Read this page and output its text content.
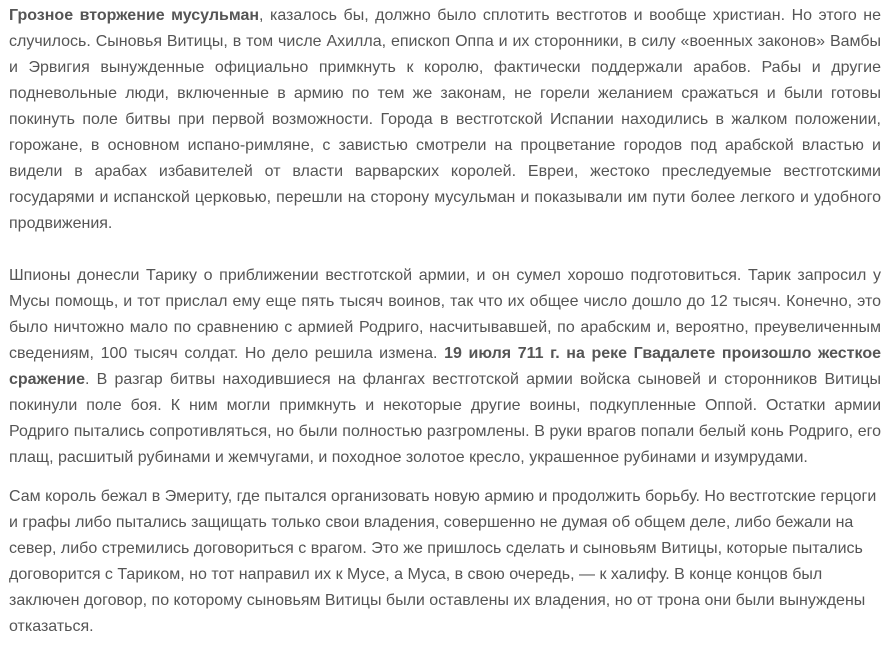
Грозное вторжение мусульман, казалось бы, должно было сплотить вестготов и вообще христиан. Но этого не случилось. Сыновья Витицы, в том числе Ахилла, епископ Оппа и их сторонники, в силу «военных законов» Вамбы и Эрвигия вынужденные официально примкнуть к королю, фактически поддержали арабов. Рабы и другие подневольные люди, включенные в армию по тем же законам, не горели желанием сражаться и были готовы покинуть поле битвы при первой возможности. Города в вестготской Испании находились в жалком положении, горожане, в основном испано-римляне, с завистью смотрели на процветание городов под арабской властью и видели в арабах избавителей от власти варварских королей. Евреи, жестоко преследуемые вестготскими государями и испанской церковью, перешли на сторону мусульман и показывали им пути более легкого и удобного продвижения.

Шпионы донесли Тарику о приближении вестготской армии, и он сумел хорошо подготовиться. Тарик запросил у Мусы помощь, и тот прислал ему еще пять тысяч воинов, так что их общее число дошло до 12 тысяч. Конечно, это было ничтожно мало по сравнению с армией Родриго, насчитывавшей, по арабским и, вероятно, преувеличенным сведениям, 100 тысяч солдат. Но дело решила измена. 19 июля 711 г. на реке Гвадалете произошло жесткое сражение. В разгар битвы находившиеся на флангах вестготской армии войска сыновей и сторонников Витицы покинули поле боя. К ним могли примкнуть и некоторые другие воины, подкупленные Оппой. Остатки армии Родриго пытались сопротивляться, но были полностью разгромлены. В руки врагов попали белый конь Родриго, его плащ, расшитый рубинами и жемчугами, и походное золотое кресло, украшенное рубинами и изумрудами.

Сам король бежал в Эмериту, где пытался организовать новую армию и продолжить борьбу. Но вестготские герцоги и графы либо пытались защищать только свои владения, совершенно не думая об общем деле, либо бежали на север, либо стремились договориться с врагом. Это же пришлось сделать и сыновьям Витицы, которые пытались договорится с Тариком, но тот направил их к Мусе, а Муса, в свою очередь, — к халифу. В конце концов был заключен договор, по которому сыновьям Витицы были оставлены их владения, но от трона они были вынуждены отказаться.
